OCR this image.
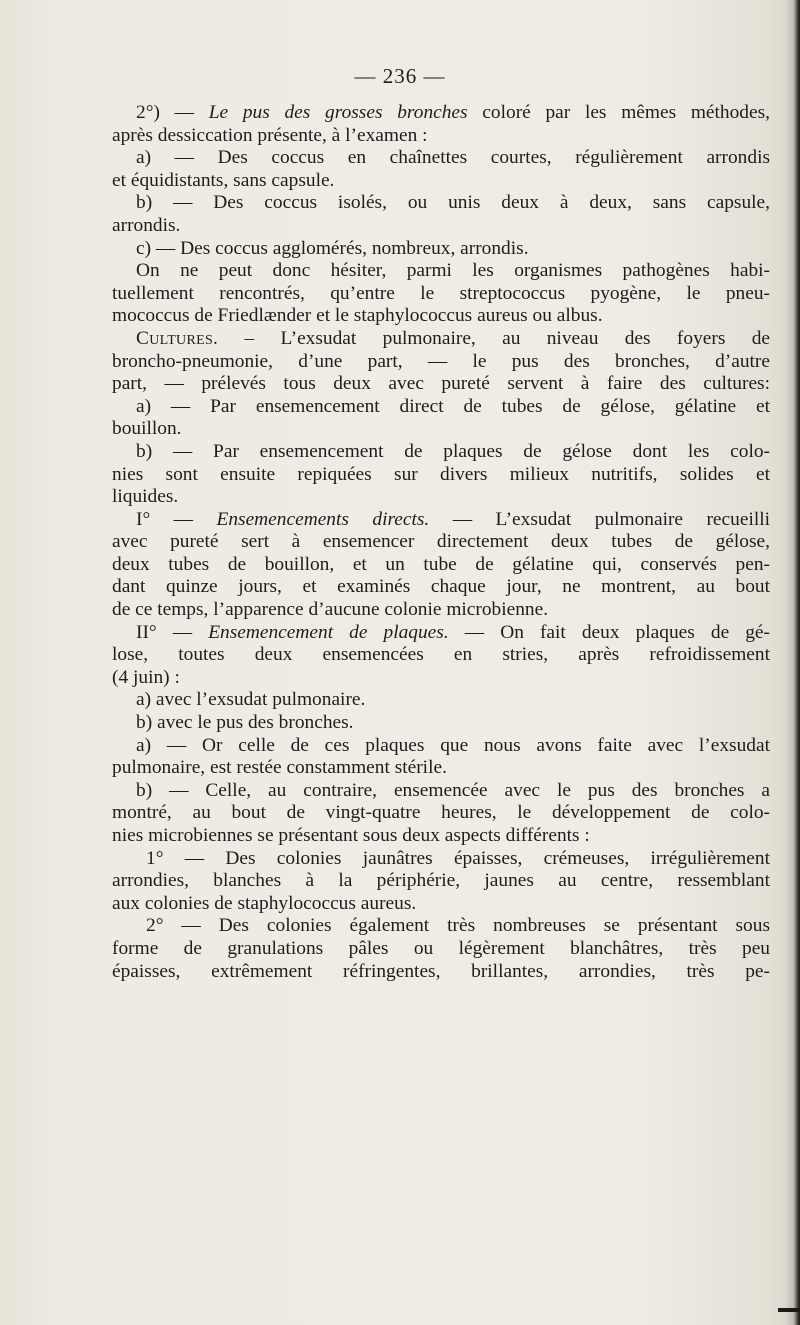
— 236 —
2°) — Le pus des grosses bronches coloré par les mêmes méthodes,
après dessiccation présente, à l’examen :
a) — Des coccus en chaînettes courtes, régulièrement arrondis
et équidistants, sans capsule.
b) — Des coccus isolés, ou unis deux à deux, sans capsule,
arrondis.
c) — Des coccus agglomérés, nombreux, arrondis.
On ne peut donc hésiter, parmi les organismes pathogènes habi-
tuellement rencontrés, qu’entre le streptococcus pyogène, le pneu-
mococcus de Friedlænder et le staphylococcus aureus ou albus.
Cultures. – L’exsudat pulmonaire, au niveau des foyers de
broncho-pneumonie, d’une part, — le pus des bronches, d’autre
part, — prélevés tous deux avec pureté servent à faire des cultures:
a) — Par ensemencement direct de tubes de gélose, gélatine et
bouillon.
b) — Par ensemencement de plaques de gélose dont les colo-
nies sont ensuite repiquées sur divers milieux nutritifs, solides et
liquides.
I° — Ensemencements directs. — L’exsudat pulmonaire recueilli
avec pureté sert à ensemencer directement deux tubes de gélose,
deux tubes de bouillon, et un tube de gélatine qui, conservés pen-
dant quinze jours, et examinés chaque jour, ne montrent, au bout
de ce temps, l’apparence d’aucune colonie microbienne.
II° — Ensemencement de plaques. — On fait deux plaques de gé-
lose, toutes deux ensemencées en stries, après refroidissement
(4 juin) :
a) avec l’exsudat pulmonaire.
b) avec le pus des bronches.
a) — Or celle de ces plaques que nous avons faite avec l’exsudat
pulmonaire, est restée constamment stérile.
b) — Celle, au contraire, ensemencée avec le pus des bronches a
montré, au bout de vingt-quatre heures, le développement de colo-
nies microbiennes se présentant sous deux aspects différents :
1° — Des colonies jaunâtres épaisses, crémeuses, irrégulièrement
arrondies, blanches à la périphérie, jaunes au centre, ressemblant
aux colonies de staphylococcus aureus.
2° — Des colonies également très nombreuses se présentant sous
forme de granulations pâles ou légèrement blanchâtres, très peu
épaisses, extrêmement réfringentes, brillantes, arrondies, très pe-
